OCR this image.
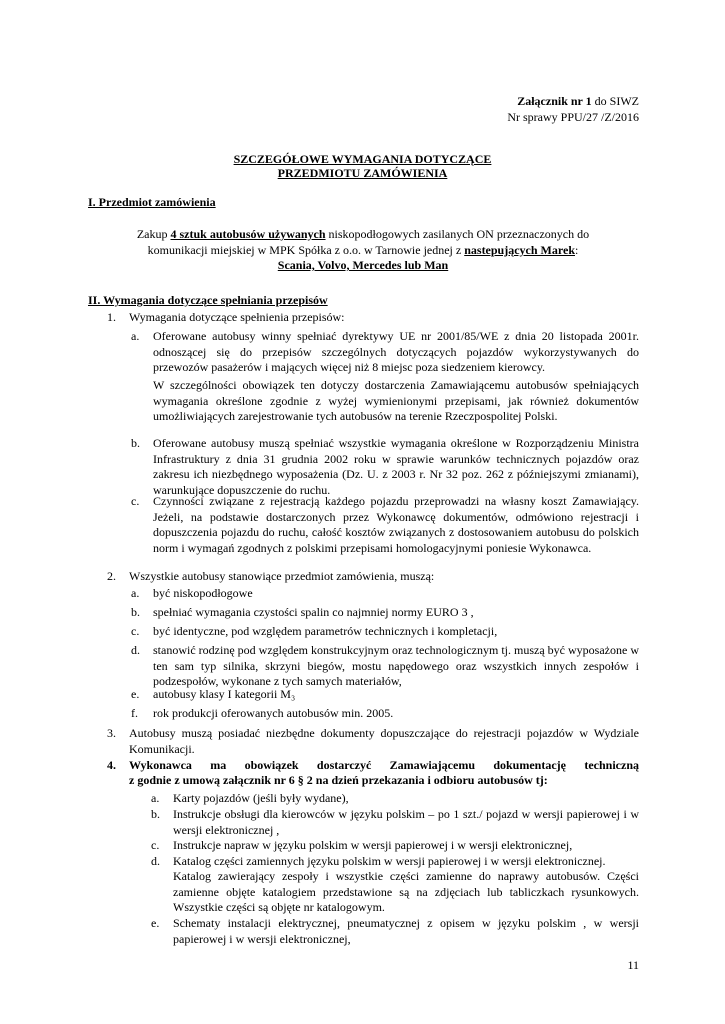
Załącznik nr 1 do SIWZ
Nr sprawy PPU/27 /Z/2016
SZCZEGÓŁOWE WYMAGANIA DOTYCZĄCE
PRZEDMIOTU ZAMÓWIENIA
I. Przedmiot zamówienia
Zakup 4 sztuk autobusów używanych niskopodłogowych zasilanych ON przeznaczonych do
komunikacji miejskiej w MPK Spółka z o.o. w Tarnowie jednej z nastepujących Marek:
Scania, Volvo, Mercedes lub Man
II. Wymagania dotyczące spełniania przepisów
1. Wymagania dotyczące spełnienia przepisów:
a. Oferowane autobusy winny spełniać dyrektywy UE nr 2001/85/WE z dnia 20 listopada 2001r. odnoszącej się do przepisów szczególnych dotyczących pojazdów wykorzystywanych do przewozów pasażerów i mających więcej niż 8 miejsc poza siedzeniem kierowcy.
W szczególności obowiązek ten dotyczy dostarczenia Zamawiającemu autobusów spełniających wymagania określone zgodnie z wyżej wymienionymi przepisami, jak również dokumentów umożliwiających zarejestrowanie tych autobusów na terenie Rzeczpospolitej Polski.
b. Oferowane autobusy muszą spełniać wszystkie wymagania określone w Rozporządzeniu Ministra Infrastruktury z dnia 31 grudnia 2002 roku w sprawie warunków technicznych pojazdów oraz zakresu ich niezbędnego wyposażenia (Dz. U. z 2003 r. Nr 32 poz. 262 z późniejszymi zmianami), warunkujące dopuszczenie do ruchu.
c. Czynności związane z rejestracją każdego pojazdu przeprowadzi na własny koszt Zamawiający. Jeżeli, na podstawie dostarczonych przez Wykonawcę dokumentów, odmówiono rejestracji i dopuszczenia pojazdu do ruchu, całość kosztów związanych z dostosowaniem autobusu do polskich norm i wymagań zgodnych z polskimi przepisami homologacyjnymi poniesie Wykonawca.
2. Wszystkie autobusy stanowiące przedmiot zamówienia, muszą:
a. być niskopodłogowe
b. spełniać wymagania czystości spalin co najmniej normy EURO 3 ,
c. być identyczne, pod względem parametrów technicznych i kompletacji,
d. stanowić rodzinę pod względem konstrukcyjnym oraz technologicznym tj. muszą być wyposażone w ten sam typ silnika, skrzyni biegów, mostu napędowego oraz wszystkich innych zespołów i podzespołów, wykonane z tych samych materiałów,
e. autobusy klasy I kategorii M₃
f. rok produkcji oferowanych autobusów min. 2005.
3. Autobusy muszą posiadać niezbędne dokumenty dopuszczające do rejestracji pojazdów w Wydziale Komunikacji.
4. Wykonawca ma obowiązek dostarczyć Zamawiającemu dokumentację techniczną
z godnie z umową załącznik nr 6 § 2 na dzień przekazania i odbioru autobusów tj:
a. Karty pojazdów (jeśli były wydane),
b. Instrukcje obsługi dla kierowców w języku polskim – po 1 szt./ pojazd w wersji papierowej i w wersji elektronicznej ,
c. Instrukcje napraw w języku polskim w wersji papierowej i w wersji elektronicznej,
d. Katalog części zamiennych języku polskim w wersji papierowej i w wersji elektronicznej.
Katalog zawierający zespoły i wszystkie części zamienne do naprawy autobusów. Części zamienne objęte katalogiem przedstawione są na zdjęciach lub tabliczkach rysunkowych. Wszystkie części są objęte nr katalogowym.
e. Schematy instalacji elektrycznej, pneumatycznej z opisem w języku polskim , w wersji papierowej i w wersji elektronicznej,
11
